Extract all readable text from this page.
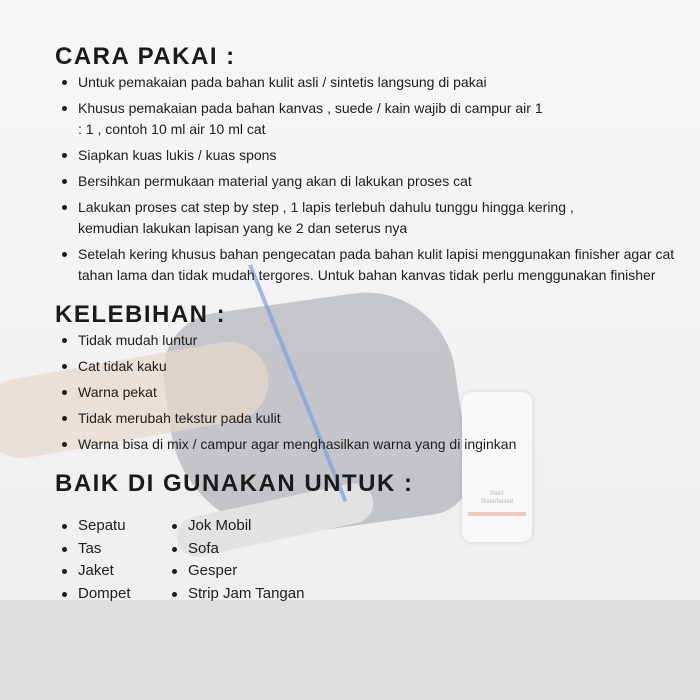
Paint
Waterbased
CARA PAKAI :
Untuk pemakaian pada bahan kulit asli / sintetis langsung di pakai
Khusus pemakaian pada bahan kanvas , suede / kain wajib di campur air 1 : 1 , contoh 10 ml air 10 ml cat
Siapkan kuas lukis / kuas spons
Bersihkan permukaan material yang akan di lakukan proses cat
Lakukan proses cat step by step , 1 lapis terlebuh dahulu tunggu hingga kering , kemudian lakukan lapisan yang ke 2 dan seterus nya
Setelah kering khusus bahan pengecatan pada bahan kulit lapisi menggunakan finisher agar cat tahan lama dan tidak mudah tergores. Untuk bahan kanvas tidak perlu menggunakan finisher
KELEBIHAN :
Tidak mudah luntur
Cat tidak kaku
Warna pekat
Tidak merubah tekstur pada kulit
Warna bisa di mix / campur agar menghasilkan warna yang di inginkan
BAIK DI GUNAKAN UNTUK :
Sepatu
Tas
Jaket
Dompet
Jok Mobil
Sofa
Gesper
Strip Jam Tangan
